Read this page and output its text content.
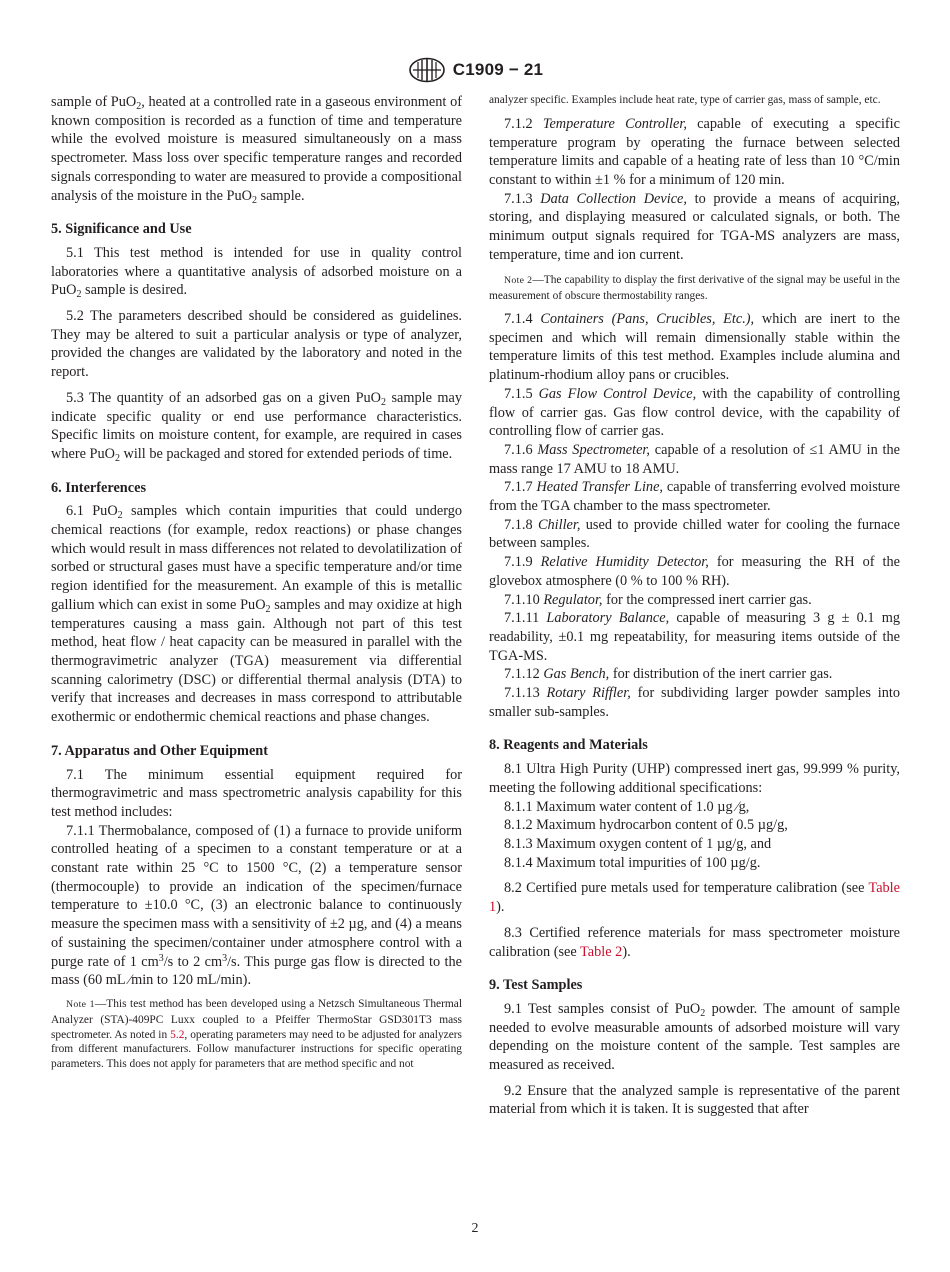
C1909 − 21

sample of PuO$_2$, heated at a controlled rate in a gaseous environment of known composition is recorded as a function of time and temperature while the evolved moisture is measured simultaneously on a mass spectrometer. Mass loss over specific temperature ranges and recorded signals corresponding to water are measured to provide a compositional analysis of the moisture in the PuO$_2$ sample.

5. Significance and Use

5.1 This test method is intended for use in quality control laboratories where a quantitative analysis of adsorbed moisture on a PuO$_2$ sample is desired.

5.2 The parameters described should be considered as guidelines. They may be altered to suit a particular analysis or type of analyzer, provided the changes are validated by the laboratory and noted in the report.

5.3 The quantity of an adsorbed gas on a given PuO$_2$ sample may indicate specific quality or end use performance characteristics. Specific limits on moisture content, for example, are required in cases where PuO$_2$ will be packaged and stored for extended periods of time.

6. Interferences

6.1 PuO$_2$ samples which contain impurities that could undergo chemical reactions (for example, redox reactions) or phase changes which would result in mass differences not related to devolatilization of sorbed or structural gases must have a specific temperature and/or time region identified for the measurement. An example of this is metallic gallium which can exist in some PuO$_2$ samples and may oxidize at high temperatures causing a mass gain. Although not part of this test method, heat flow / heat capacity can be measured in parallel with the thermogravimetric analyzer (TGA) measurement via differential scanning calorimetry (DSC) or differential thermal analysis (DTA) to verify that increases and decreases in mass correspond to attributable exothermic or endothermic chemical reactions and phase changes.

7. Apparatus and Other Equipment

7.1 The minimum essential equipment required for thermogravimetric and mass spectrometric analysis capability for this test method includes:

7.1.1 Thermobalance, composed of (1) a furnace to provide uniform controlled heating of a specimen to a constant temperature or at a constant rate within 25 °C to 1500 °C, (2) a temperature sensor (thermocouple) to provide an indication of the specimen/furnace temperature to ±10.0 °C, (3) an electronic balance to continuously measure the specimen mass with a sensitivity of ±2 µg, and (4) a means of sustaining the specimen/container under atmosphere control with a purge rate of 1 $cm^3/s$ to 2 $cm^3/s$. This purge gas flow is directed to the mass (60 mL ⁄min to 120 mL/min).

Note 1—This test method has been developed using a Netzsch Simultaneous Thermal Analyzer (STA)-409PC Luxx coupled to a Pfeiffer ThermoStar GSD301T3 mass spectrometer. As noted in 5.2, operating parameters may need to be adjusted for analyzers from different manufacturers. Follow manufacturer instructions for specific operating parameters. This does not apply for parameters that are method specific and not

analyzer specific. Examples include heat rate, type of carrier gas, mass of sample, etc.

7.1.2 Temperature Controller, capable of executing a specific temperature program by operating the furnace between selected temperature limits and capable of a heating rate of less than 10 °C/min constant to within ±1 % for a minimum of 120 min.

7.1.3 Data Collection Device, to provide a means of acquiring, storing, and displaying measured or calculated signals, or both. The minimum output signals required for TGA-MS analyzers are mass, temperature, time and ion current.

Note 2—The capability to display the first derivative of the signal may be useful in the measurement of obscure thermostability ranges.

7.1.4 Containers (Pans, Crucibles, Etc.), which are inert to the specimen and which will remain dimensionally stable within the temperature limits of this test method. Examples include alumina and platinum-rhodium alloy pans or crucibles.

7.1.5 Gas Flow Control Device, with the capability of controlling flow of carrier gas. Gas flow control device, with the capability of controlling flow of carrier gas.

7.1.6 Mass Spectrometer, capable of a resolution of ≤1 AMU in the mass range 17 AMU to 18 AMU.

7.1.7 Heated Transfer Line, capable of transferring evolved moisture from the TGA chamber to the mass spectrometer.

7.1.8 Chiller, used to provide chilled water for cooling the furnace between samples.

7.1.9 Relative Humidity Detector, for measuring the RH of the glovebox atmosphere (0 % to 100 % RH).

7.1.10 Regulator, for the compressed inert carrier gas.

7.1.11 Laboratory Balance, capable of measuring 3 g ± 0.1 mg readability, ±0.1 mg repeatability, for measuring items outside of the TGA-MS.

7.1.12 Gas Bench, for distribution of the inert carrier gas.

7.1.13 Rotary Riffler, for subdividing larger powder samples into smaller sub-samples.

8. Reagents and Materials

8.1 Ultra High Purity (UHP) compressed inert gas, 99.999 % purity, meeting the following additional specifications:

8.1.1 Maximum water content of 1.0 µg ⁄g,

8.1.2 Maximum hydrocarbon content of 0.5 µg/g,

8.1.3 Maximum oxygen content of 1 µg/g, and

8.1.4 Maximum total impurities of 100 µg/g.

8.2 Certified pure metals used for temperature calibration (see Table 1).

8.3 Certified reference materials for mass spectrometer moisture calibration (see Table 2).

9. Test Samples

9.1 Test samples consist of PuO$_2$ powder. The amount of sample needed to evolve measurable amounts of adsorbed moisture will vary depending on the moisture content of the sample. Test samples are measured as received.

9.2 Ensure that the analyzed sample is representative of the parent material from which it is taken. It is suggested that after

2
